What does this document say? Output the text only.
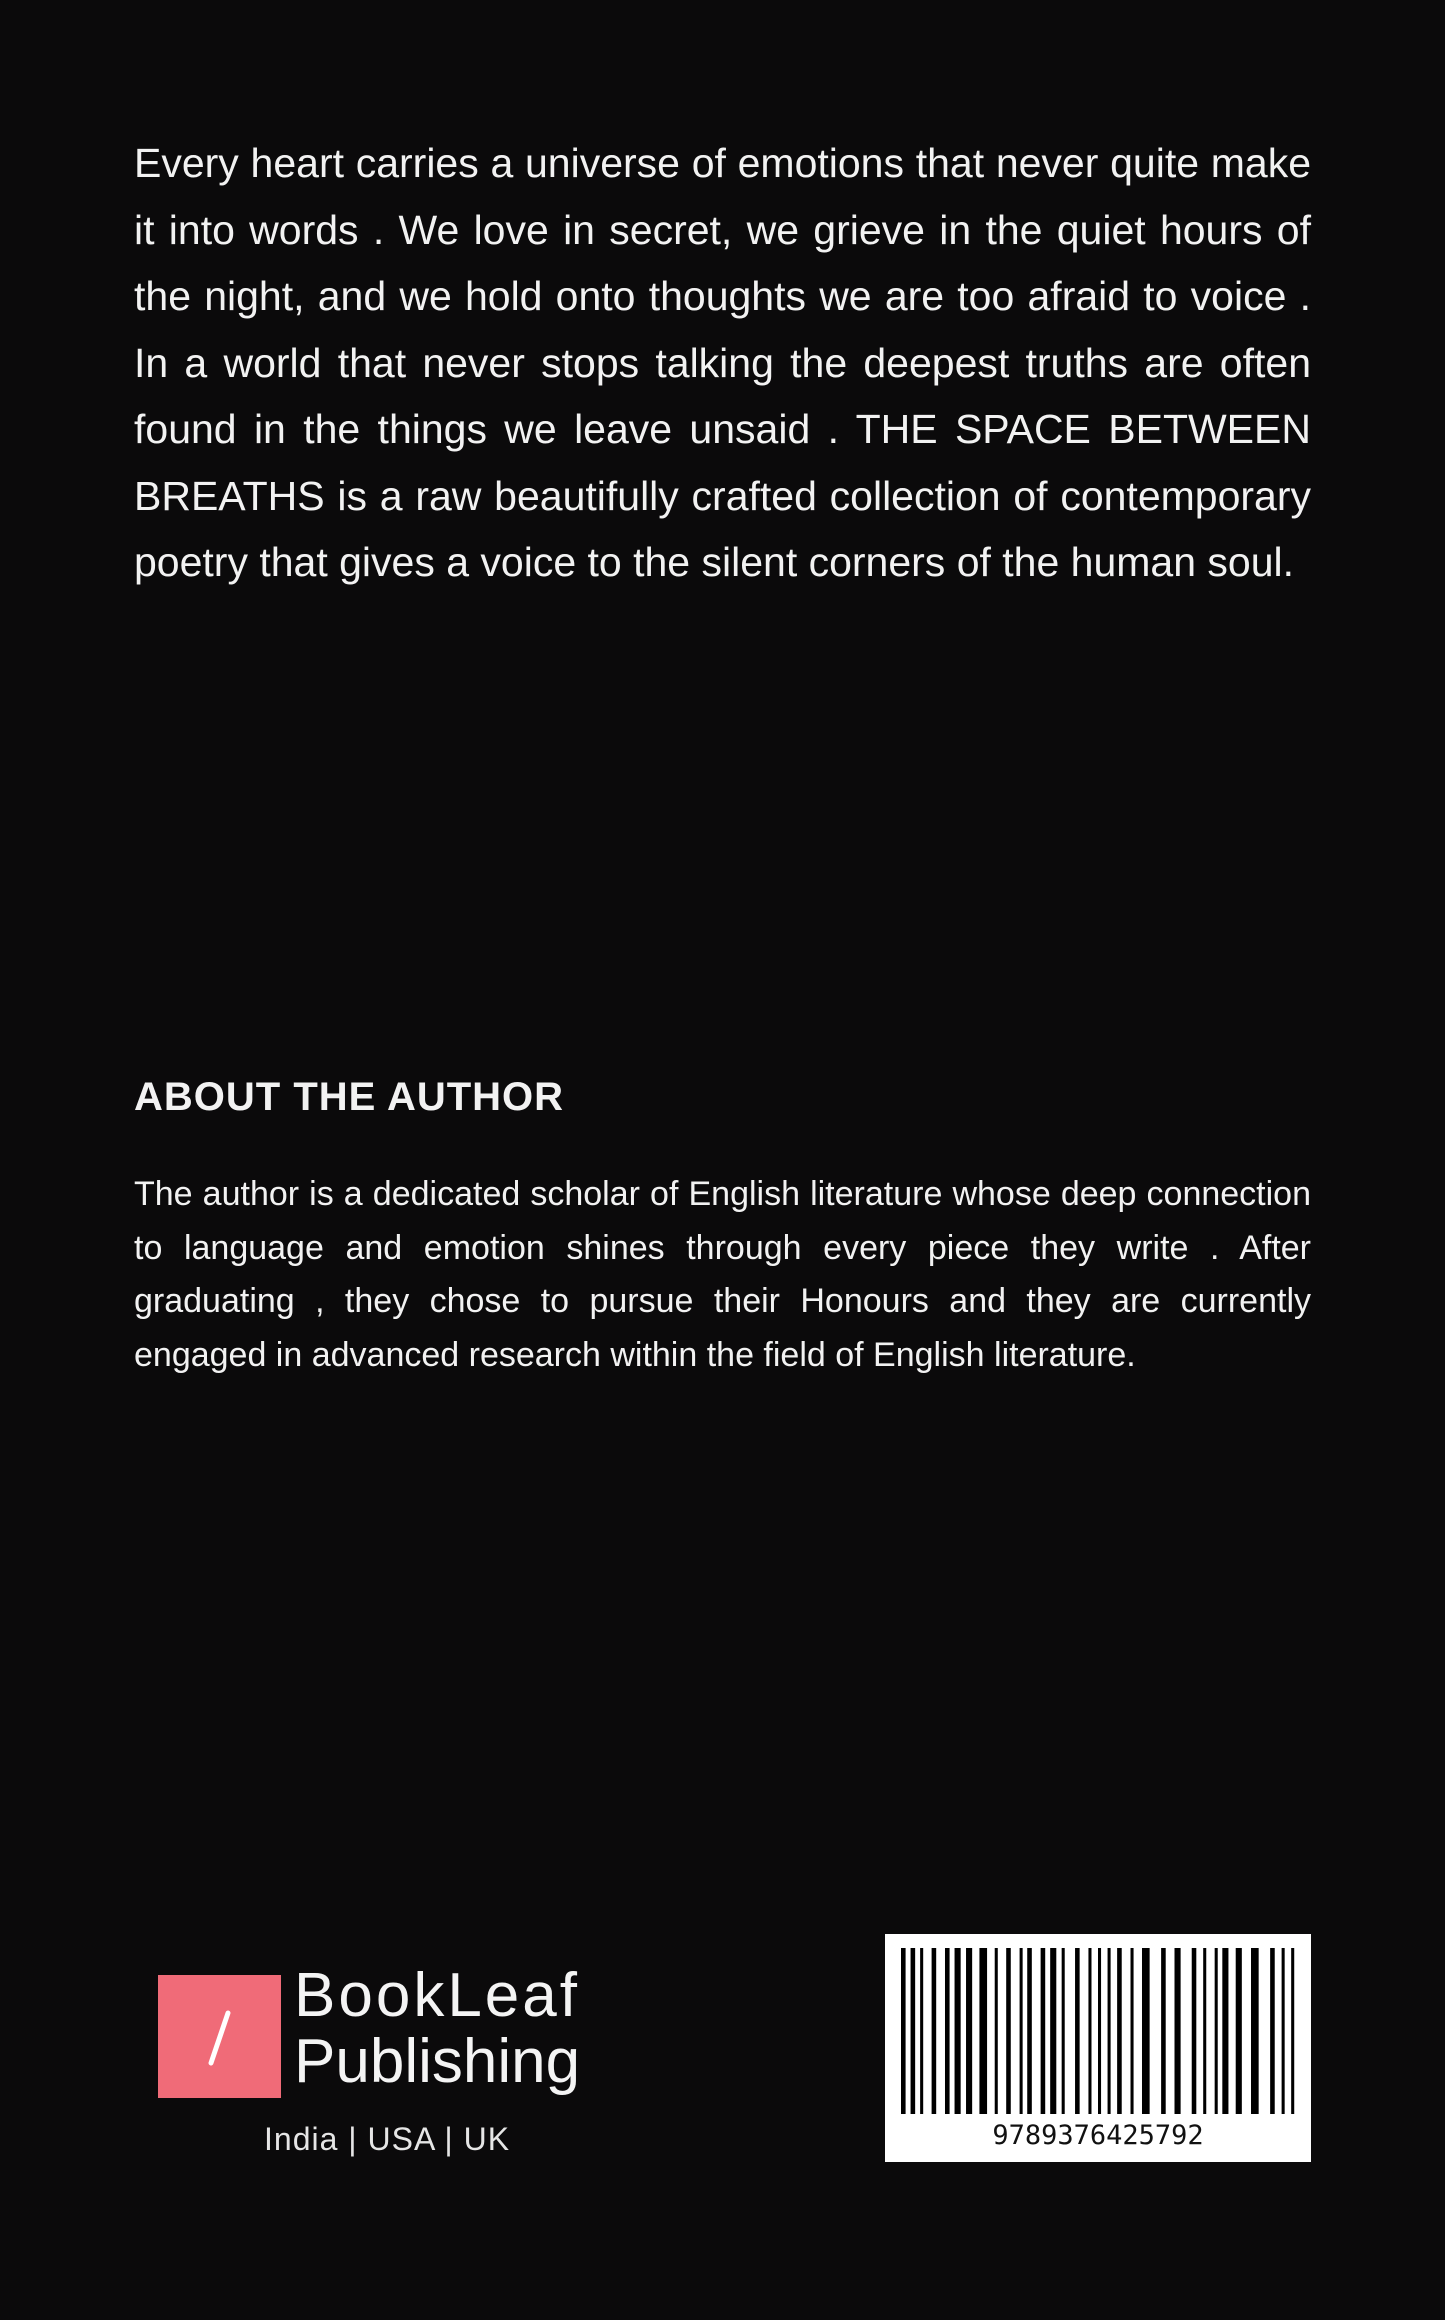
Every heart carries a universe of emotions that never quite make it into words . We love in secret, we grieve in the quiet hours of the night, and we hold onto thoughts we are too afraid to voice . In a world that never stops talking the deepest truths are often found in the things we leave unsaid . THE SPACE BETWEEN BREATHS is a raw beautifully crafted collection of contemporary poetry that gives a voice to the silent corners of the human soul.

ABOUT THE AUTHOR

The author is a dedicated scholar of English literature whose deep connection to language and emotion shines through every piece they write . After graduating , they chose to pursue their Honours and they are currently engaged in advanced research within the field of English literature.

BookLeaf
Publishing
India | USA | UK	9789376425792
